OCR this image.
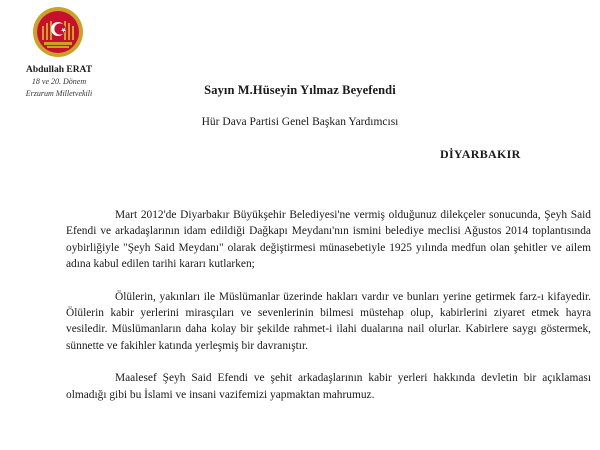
Abdullah ERAT
18 ve 20. Dönem
Erzurum Milletvekili	Sayın M.Hüseyin Yılmaz Beyefendi
Hür Dava Partisi Genel Başkan Yardımcısı
DİYARBAKIR

Mart 2012'de Diyarbakır Büyükşehir Belediyesi'ne vermiş olduğunuz dilekçeler sonucunda, Şeyh Said Efendi ve arkadaşlarının idam edildiği Dağkapı Meydanı'nın ismini belediye meclisi Ağustos 2014 toplantısında oybirliğiyle "Şeyh Said Meydanı" olarak değiştirmesi münasebetiyle 1925 yılında medfun olan şehitler ve ailem adına kabul edilen tarihi kararı kutlarken;

Ölülerin, yakınları ile Müslümanlar üzerinde hakları vardır ve bunları yerine getirmek farz-ı kifayedir. Ölülerin kabir yerlerini mirasçıları ve sevenlerinin bilmesi müstehap olup, kabirlerini ziyaret etmek hayra vesiledir. Müslümanların daha kolay bir şekilde rahmet-i ilahi dualarına nail olurlar. Kabirlere saygı göstermek, sünnette ve fakihler katında yerleşmiş bir davranıştır.

Maalesef Şeyh Said Efendi ve şehit arkadaşlarının kabir yerleri hakkında devletin bir açıklaması olmadığı gibi bu İslami ve insani vazifemizi yapmaktan mahrumuz.
